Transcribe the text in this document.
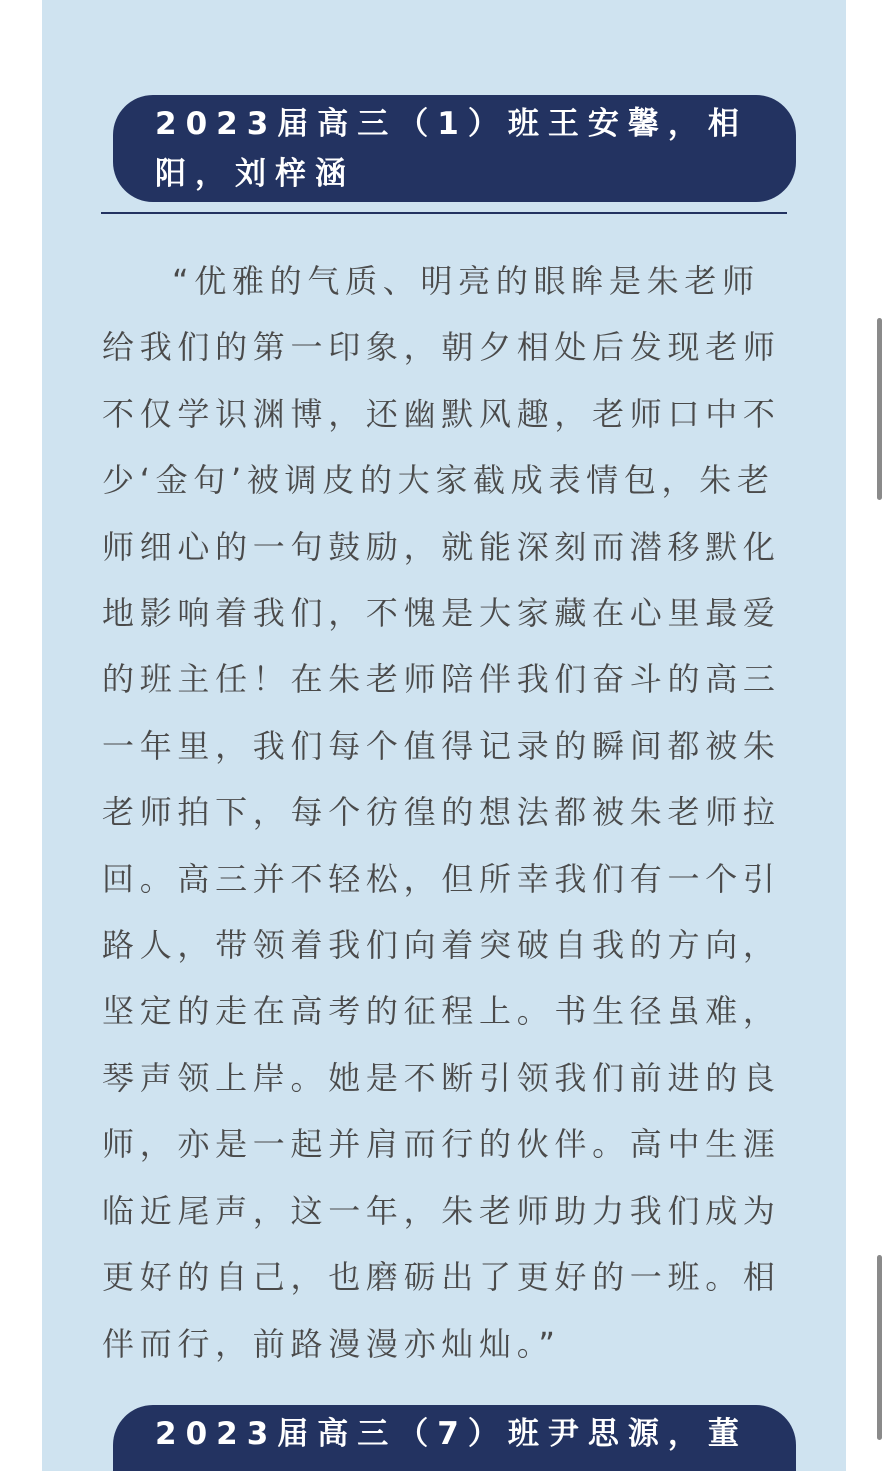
2023届高三（1）班王安馨，相阳，刘梓涵

“优雅的气质、明亮的眼眸是朱老师给我们的第一印象，朝夕相处后发现老师不仅学识渊博，还幽默风趣，老师口中不少‘金句’被调皮的大家截成表情包，朱老师细心的一句鼓励，就能深刻而潜移默化地影响着我们，不愧是大家藏在心里最爱的班主任！在朱老师陪伴我们奋斗的高三一年里，我们每个值得记录的瞬间都被朱老师拍下，每个彷徨的想法都被朱老师拉回。高三并不轻松，但所幸我们有一个引路人，带领着我们向着突破自我的方向，坚定的走在高考的征程上。书生径虽难，琴声领上岸。她是不断引领我们前进的良师，亦是一起并肩而行的伙伴。高中生涯临近尾声，这一年，朱老师助力我们成为更好的自己，也磨砺出了更好的一班。相伴而行，前路漫漫亦灿灿。”

2023届高三（7）班尹思源，董
